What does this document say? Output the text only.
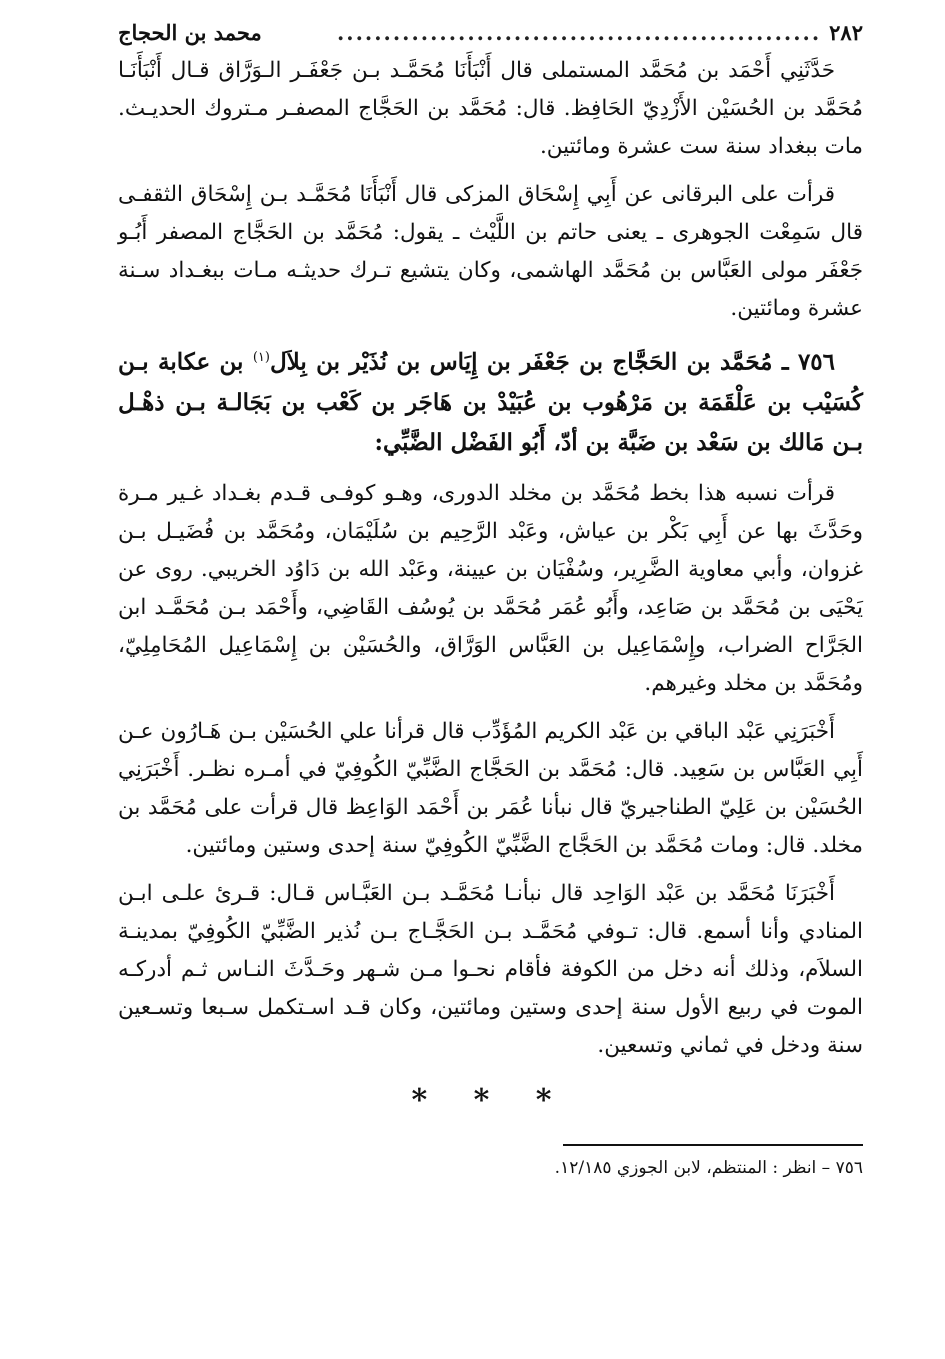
٢٨٢
....................................................
محمد بن الحجاج

حَدَّثَنِي أَحْمَد بن مُحَمَّد المستملى قال أَنْبَأَنَا مُحَمَّـد بـن جَعْفَـر الـوَرَّاق قـال أَنْبَأَنَـا مُحَمَّد بن الحُسَيْن الأَزْدِيّ الحَافِظ. قال: مُحَمَّد بن الحَجَّاج المصفـر مـتروك الحديـث. مات ببغداد سنة ست عشرة ومائتين.

قرأت على البرقانى عن أَبِي إِسْحَاق المزكى قال أَنْبَأَنَا مُحَمَّـد بـن إِسْحَاق الثقفـى قال سَمِعْت الجوهرى ـ يعنى حاتم بن اللَّيْث ـ يقول: مُحَمَّد بن الحَجَّاج المصفر أَبُـو جَعْفَر مولى العَبَّاس بن مُحَمَّد الهاشمى، وكان يتشيع تـرك حديثـه مـات ببغـداد سـنة عشرة ومائتين.

٧٥٦ ـ مُحَمَّد بن الحَجَّاج بن جَعْفَر بن إِيَاس بن نُذَيْر بن بِلاَل$^{(١)}$ بن عكابة بـن كُسَيْب بن عَلْقَمَة بن مَرْهُوب بن عُبَيْدْ بن هَاجَر بن كَعْب بن بَجَالـة بـن ذهْـل بـن مَالك بن سَعْد بن ضَبَّة بن أدّ، أَبُو الفَضْل الضَّبِّي:

قرأت نسبه هذا بخط مُحَمَّد بن مخلد الدورى، وهـو كوفـى قـدم بغـداد غـير مـرة وحَدَّثَ بها عن أَبِي بَكْر بن عياش، وعَبْد الرَّحِيم بن سُلَيْمَان، ومُحَمَّد بن فُضَيـل بـن غزوان، وأبي معاوية الضَّرِير، وسُفْيَان بن عيينة، وعَبْد الله بن دَاوُد الخريبي. روى عن يَحْيَى بن مُحَمَّد بن صَاعِد، وأَبُو عُمَر مُحَمَّد بن يُوسُف القَاضِي، وأَحْمَد بـن مُحَمَّـد ابن الجَرَّاح الضراب، وإِسْمَاعِيل بن العَبَّاس الوَرَّاق، والحُسَيْن بن إِسْمَاعِيل المُحَامِلِيّ، ومُحَمَّد بن مخلد وغيرهم.

أَخْبَرَنِي عَبْد الباقي بن عَبْد الكريم المُؤَدِّب قال قرأنا علي الحُسَيْن بـن هَـارُون عـن أَبِي العَبَّاس بن سَعِيد. قال: مُحَمَّد بن الحَجَّاج الضَّبِّيّ الكُوفِيّ في أمـره نظـر. أَخْبَرَنِي الحُسَيْن بن عَلِيّ الطناجيريّ قال نبأنا عُمَر بن أَحْمَد الوَاعِظ قال قرأت على مُحَمَّد بن مخلد. قال: ومات مُحَمَّد بن الحَجَّاج الضَّبِّيّ الكُوفِيّ سنة إحدى وستين ومائتين.

أَخْبَرَنَا مُحَمَّد بن عَبْد الوَاحِد قال نبأنـا مُحَمَّـد بـن العَبَّـاس قـال: قـرئ علـى ابـن المنادي وأنا أسمع. قال: تـوفي مُحَمَّـد بـن الحَجَّـاج بـن نُذير الضَّبِّيّ الكُوفِيّ بمدينـة السلاَم، وذلك أنه دخل من الكوفة فأقام نحـوا مـن شـهر وحَـدَّثَ النـاس ثـم أدركـه الموت في ربيع الأول سنة إحدى وستين ومائتين، وكان قـد اسـتكمل سـبعا وتسـعين سنة ودخل في ثماني وتسعين.

* * *
٧٥٦ – انظر : المنتظم، لابن الجوزي ١٢/١٨٥.
